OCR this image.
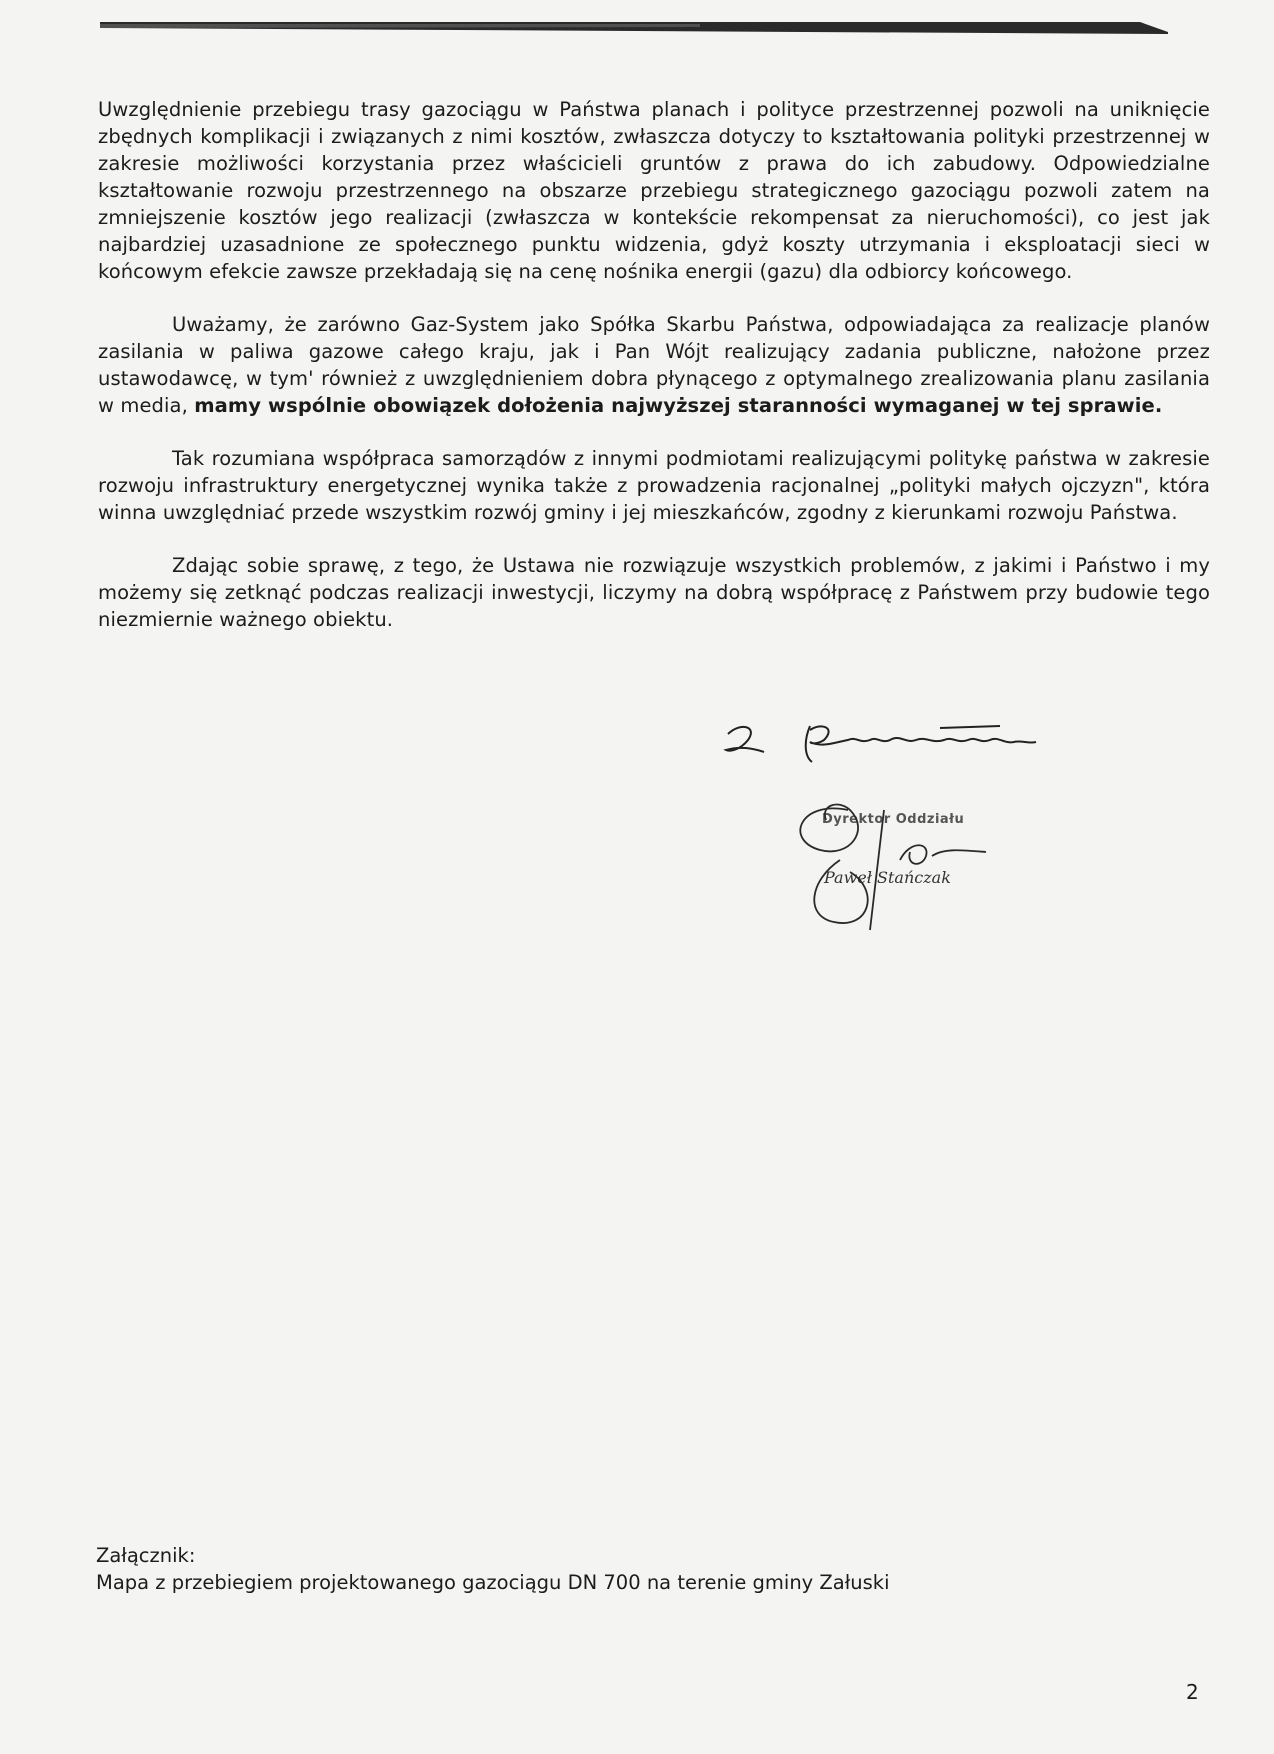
Uwzględnienie przebiegu trasy gazociągu w Państwa planach i polityce przestrzennej pozwoli na uniknięcie zbędnych komplikacji i związanych z nimi kosztów, zwłaszcza dotyczy to kształtowania polityki przestrzennej w zakresie możliwości korzystania przez właścicieli gruntów z prawa do ich zabudowy. Odpowiedzialne kształtowanie rozwoju przestrzennego na obszarze przebiegu strategicznego gazociągu pozwoli zatem na zmniejszenie kosztów jego realizacji (zwłaszcza w kontekście rekompensat za nieruchomości), co jest jak najbardziej uzasadnione ze społecznego punktu widzenia, gdyż koszty utrzymania i eksploatacji sieci w końcowym efekcie zawsze przekładają się na cenę nośnika energii (gazu) dla odbiorcy końcowego.

Uważamy, że zarówno Gaz-System jako Spółka Skarbu Państwa, odpowiadająca za realizacje planów zasilania w paliwa gazowe całego kraju, jak i Pan Wójt realizujący zadania publiczne, nałożone przez ustawodawcę, w tym' również z uwzględnieniem dobra płynącego z optymalnego zrealizowania planu zasilania w media, mamy wspólnie obowiązek dołożenia najwyższej staranności wymaganej w tej sprawie.

Tak rozumiana współpraca samorządów z innymi podmiotami realizującymi politykę państwa w zakresie rozwoju infrastruktury energetycznej wynika także z prowadzenia racjonalnej „polityki małych ojczyzn", która winna uwzględniać przede wszystkim rozwój gminy i jej mieszkańców, zgodny z kierunkami rozwoju Państwa.

Zdając sobie sprawę, z tego, że Ustawa nie rozwiązuje wszystkich problemów, z jakimi i Państwo i my możemy się zetknąć podczas realizacji inwestycji, liczymy na dobrą współpracę z Państwem przy budowie tego niezmiernie ważnego obiektu.

Dyrektor Oddziału
Paweł Stańczak
Załącznik:
Mapa z przebiegiem projektowanego gazociągu DN 700 na terenie gminy Załuski
2
